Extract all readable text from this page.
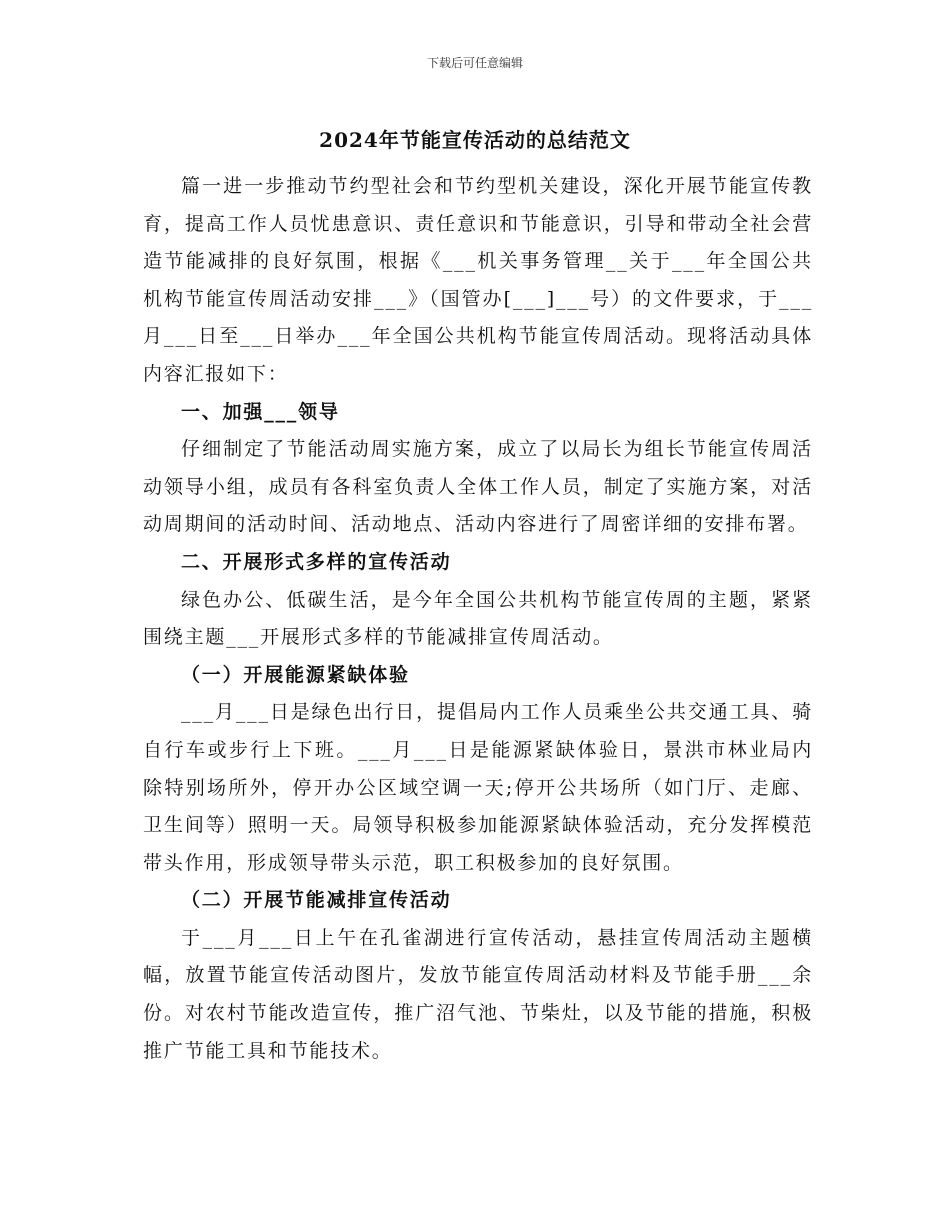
下载后可任意编辑
2024年节能宣传活动的总结范文

篇一进一步推动节约型社会和节约型机关建设，深化开展节能宣传教育，提高工作人员忧患意识、责任意识和节能意识，引导和带动全社会营造节能减排的良好氛围，根据《___机关事务管理__关于___年全国公共机构节能宣传周活动安排___》（国管办[___]___号）的文件要求，于___月___日至___日举办___年全国公共机构节能宣传周活动。现将活动具体内容汇报如下：

一、加强___领导

仔细制定了节能活动周实施方案，成立了以局长为组长节能宣传周活动领导小组，成员有各科室负责人全体工作人员，制定了实施方案，对活动周期间的活动时间、活动地点、活动内容进行了周密详细的安排布署。

二、开展形式多样的宣传活动

绿色办公、低碳生活，是今年全国公共机构节能宣传周的主题，紧紧围绕主题___开展形式多样的节能减排宣传周活动。

（一）开展能源紧缺体验

___月___日是绿色出行日，提倡局内工作人员乘坐公共交通工具、骑自行车或步行上下班。___月___日是能源紧缺体验日，景洪市林业局内除特别场所外，停开办公区域空调一天;停开公共场所（如门厅、走廊、卫生间等）照明一天。局领导积极参加能源紧缺体验活动，充分发挥模范带头作用，形成领导带头示范，职工积极参加的良好氛围。

（二）开展节能减排宣传活动

于___月___日上午在孔雀湖进行宣传活动，悬挂宣传周活动主题横幅，放置节能宣传活动图片，发放节能宣传周活动材料及节能手册___余份。对农村节能改造宣传，推广沼气池、节柴灶，以及节能的措施，积极推广节能工具和节能技术。
